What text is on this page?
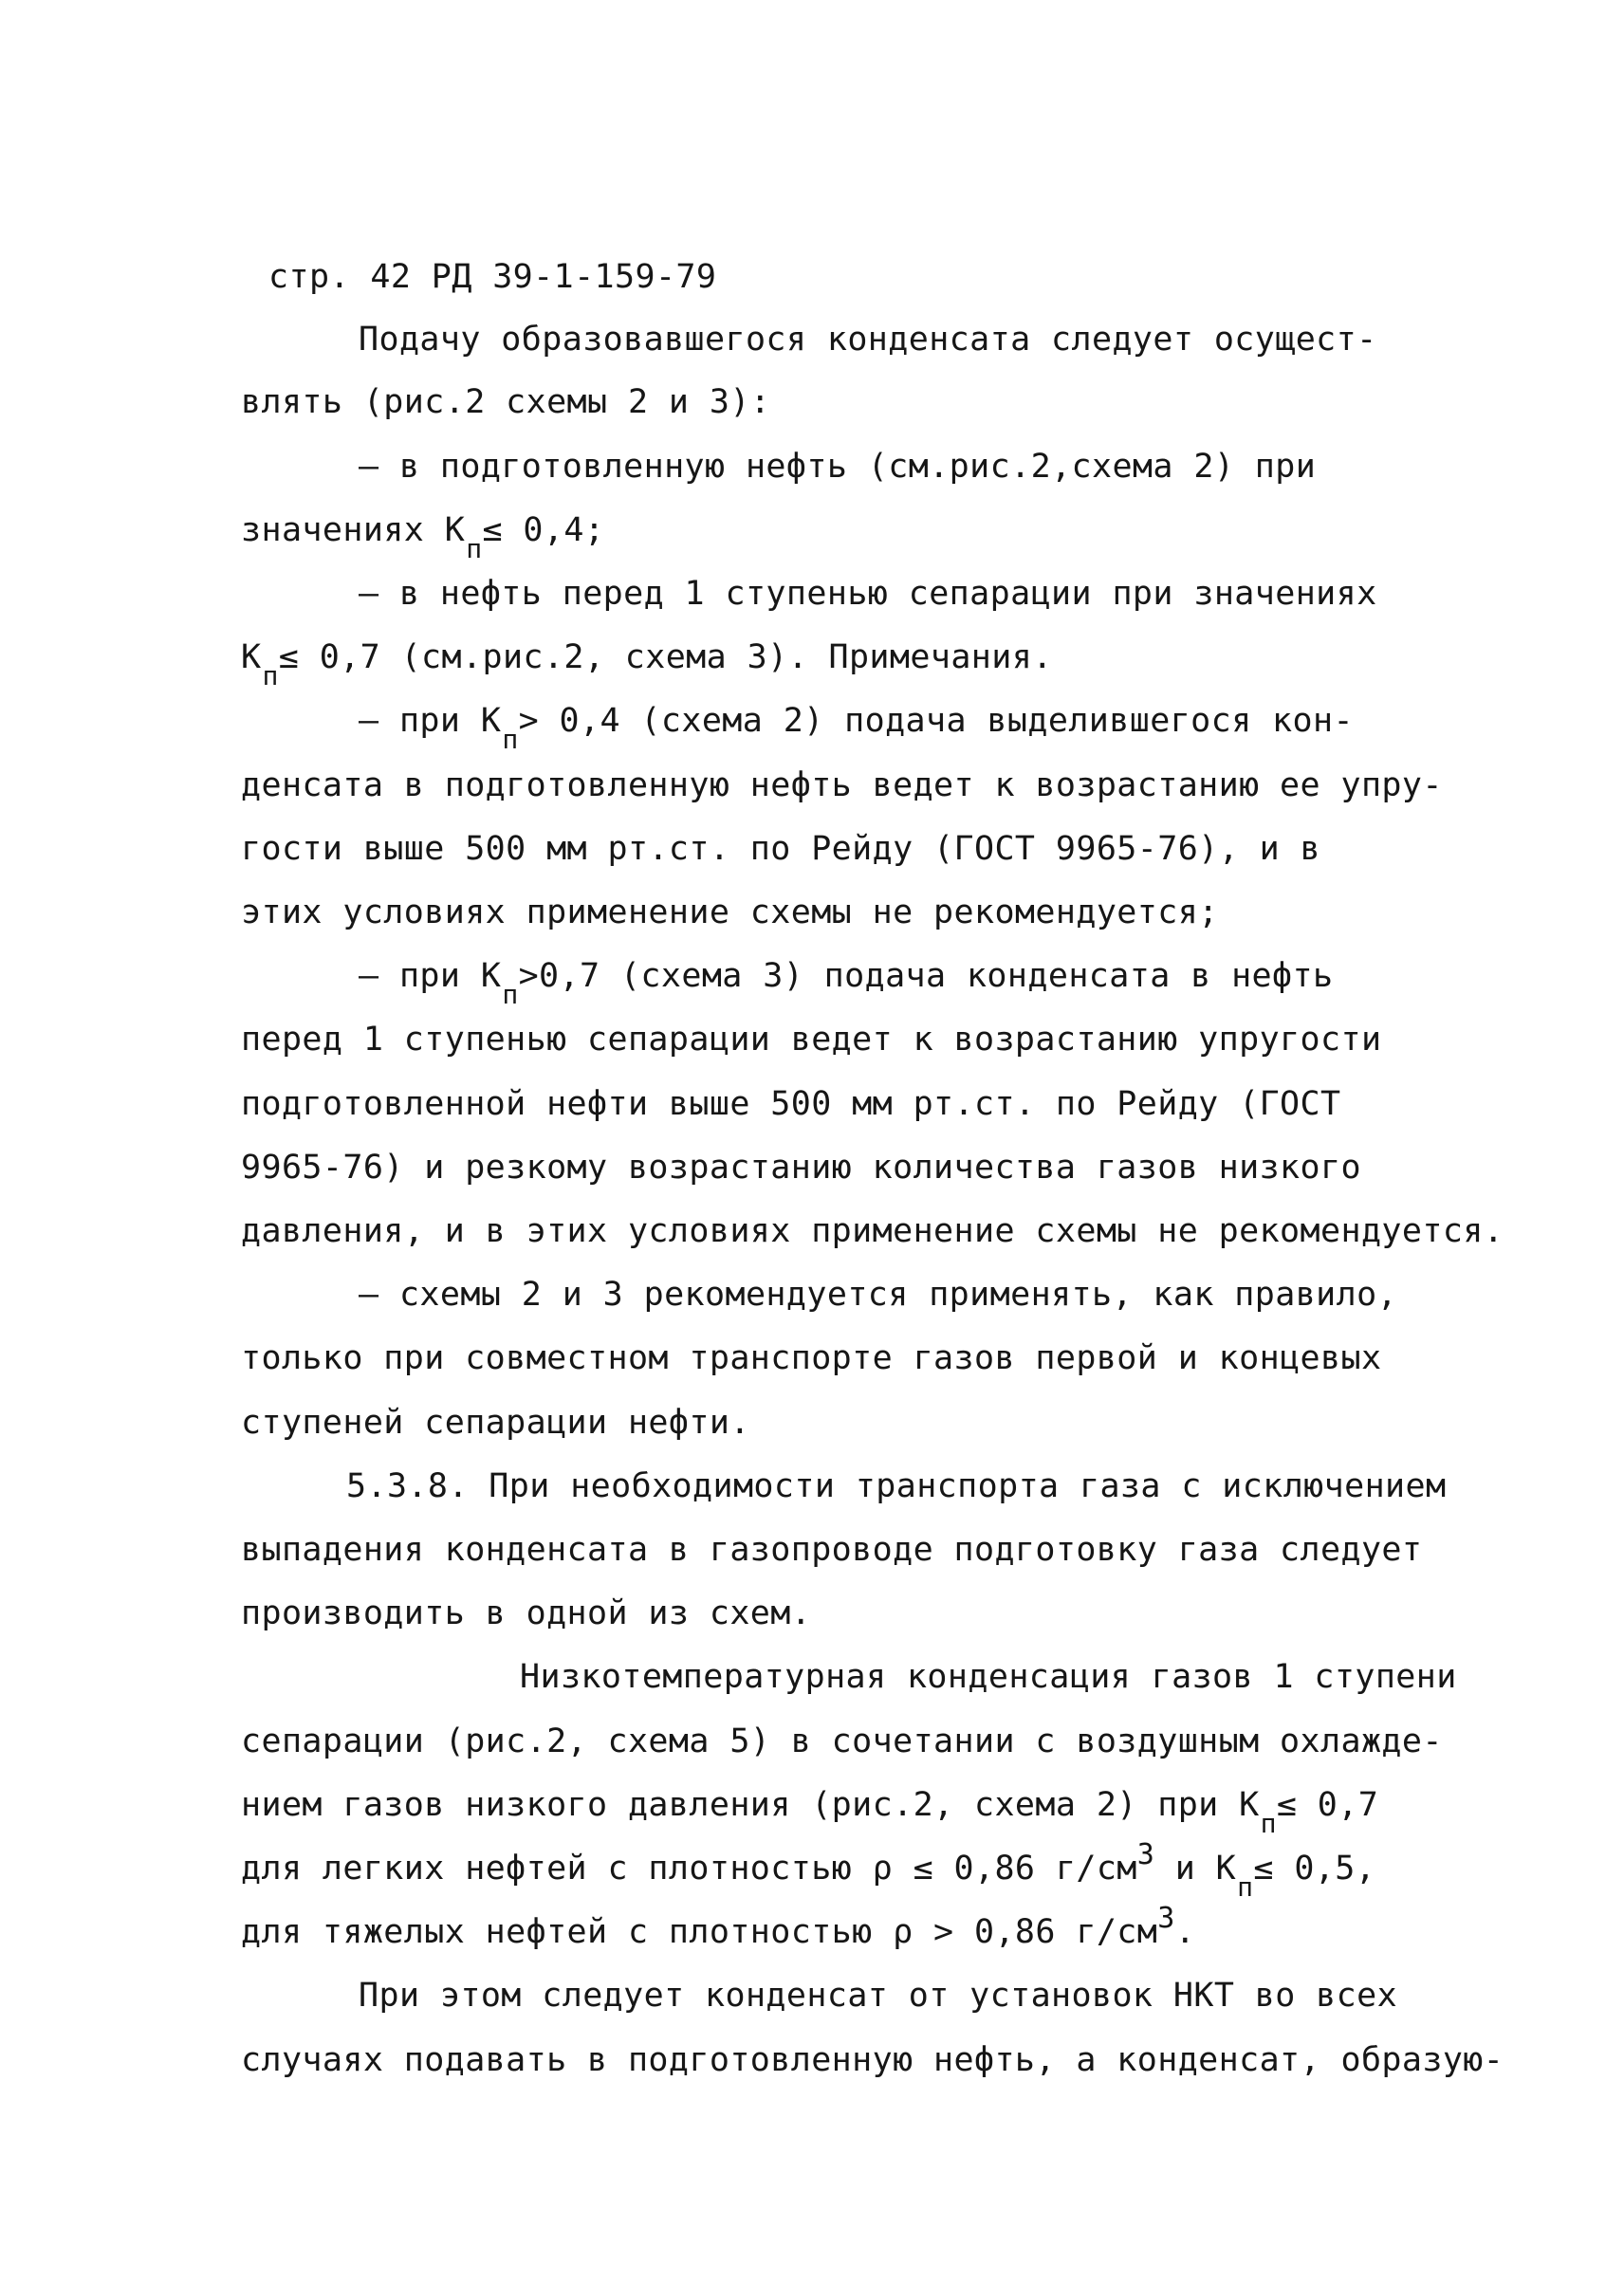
стр. 42 РД 39-1-159-79
Подачу образовавшегося конденсата следует осущест-
влять (рис.2 схемы 2 и 3):
– в подготовленную нефть (см.рис.2,схема 2) при
значениях Кп≤ 0,4;
– в нефть перед 1 ступенью сепарации при значениях
Кп≤ 0,7 (см.рис.2, схема 3). Примечания.
– при Кп> 0,4 (схема 2) подача выделившегося кон-
денсата в подготовленную нефть ведет к возрастанию ее упру-
гости выше 500 мм рт.ст. по Рейду (ГОСТ 9965-76), и в
этих условиях применение схемы не рекомендуется;
– при Кп>0,7 (схема 3) подача конденсата в нефть
перед 1 ступенью сепарации ведет к возрастанию упругости
подготовленной нефти выше 500 мм рт.ст. по Рейду (ГОСТ
9965-76) и резкому возрастанию количества газов низкого
давления, и в этих условиях применение схемы не рекомендуется.
– схемы 2 и 3 рекомендуется применять, как правило,
только при совместном транспорте газов первой и концевых
ступеней сепарации нефти.
5.3.8. При необходимости транспорта газа с исключением
выпадения конденсата в газопроводе подготовку газа следует
производить в одной из схем.
Низкотемпературная конденсация газов 1 ступени
сепарации (рис.2, схема 5) в сочетании с воздушным охлажде-
нием газов низкого давления (рис.2, схема 2) при Кп≤ 0,7
для легких нефтей с плотностью ρ ≤ 0,86 г/см3 и Кп≤ 0,5,
для тяжелых нефтей с плотностью ρ > 0,86 г/см3.
При этом следует конденсат от установок НКТ во всех
случаях подавать в подготовленную нефть, а конденсат, образую-
